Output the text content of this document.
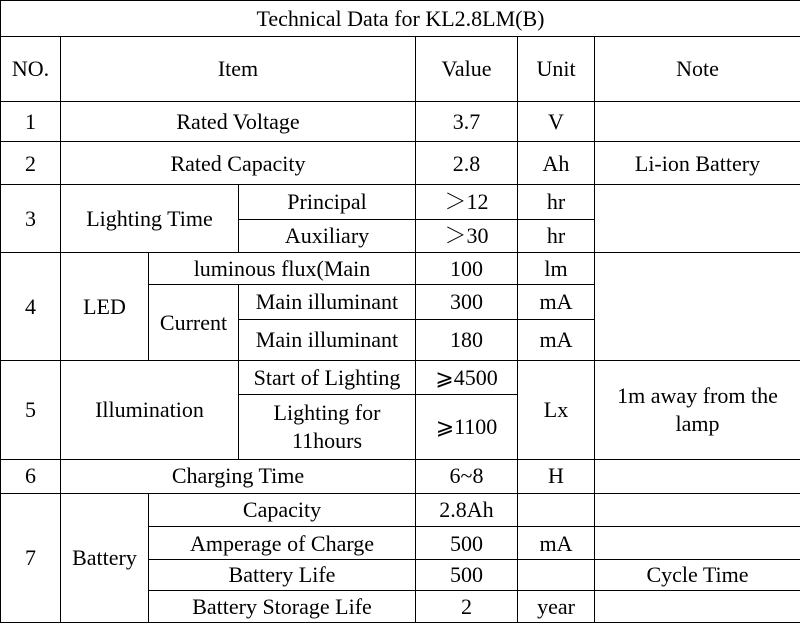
Technical Data for KL2.8LM(B)						
NO.	Item			Value	Unit	Note
1	Rated Voltage			3.7	V	
2	Rated Capacity			2.8	Ah	Li-ion Battery
3	Lighting Time		Principal	＞12	hr	
			Auxiliary	＞30	hr	
4	LED	luminous flux(Main		100	lm	
		Current	Main illuminant	300	mA	
			Main illuminant	180	mA	
5	Illumination		Start of Lighting	⩾4500	Lx	1m away from the lamp
			Lighting for 11hours	⩾1100		
6	Charging Time			6~8	H	
7	Battery	Capacity		2.8Ah		
		Amperage of Charge		500	mA	
		Battery Life		500		Cycle Time
		Battery Storage Life		2	year	
